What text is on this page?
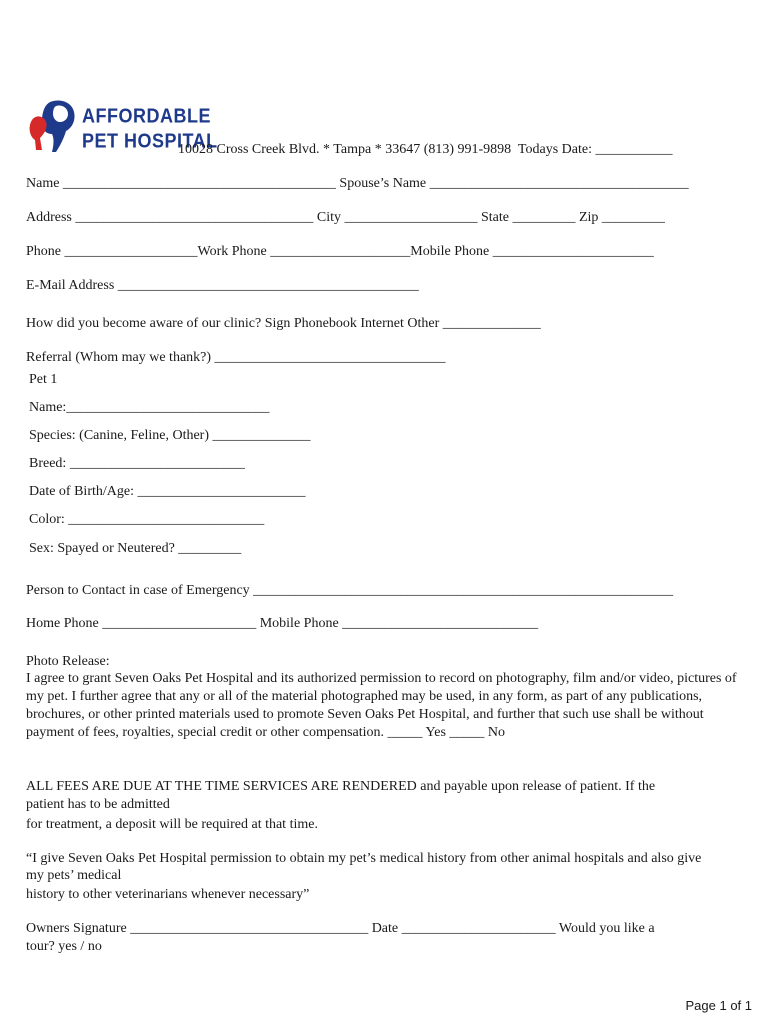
AFFORDABLE
PET HOSPITAL
10028 Cross Creek Blvd. * Tampa * 33647 (813) 991-9898  Todays Date: ___________
Name _______________________________________ Spouse’s Name _____________________________________
Address __________________________________ City ___________________ State _________ Zip _________
Phone ___________________Work Phone ____________________Mobile Phone _______________________
E-Mail Address ___________________________________________
How did you become aware of our clinic? Sign Phonebook Internet Other ______________
Referral (Whom may we thank?) _________________________________
Pet 1
Name:_____________________________
Species: (Canine, Feline, Other) ______________
Breed: _________________________
Date of Birth/Age: ________________________
Color: ____________________________
Sex: Spayed or Neutered? _________
Person to Contact in case of Emergency ____________________________________________________________
Home Phone ______________________ Mobile Phone ____________________________
Photo Release:
I agree to grant Seven Oaks Pet Hospital and its authorized permission to record on photography, film and/or video, pictures of my pet. I further agree that any or all of the material photographed may be used, in any form, as part of any publications, brochures, or other printed materials used to promote Seven Oaks Pet Hospital, and further that such use shall be without payment of fees, royalties, special credit or other compensation. _____ Yes _____ No
ALL FEES ARE DUE AT THE TIME SERVICES ARE RENDERED and payable upon release of patient. If the
patient has to be admitted
for treatment, a deposit will be required at that time.
“I give Seven Oaks Pet Hospital permission to obtain my pet’s medical history from other animal hospitals and also give
my pets’ medical
history to other veterinarians whenever necessary”
Owners Signature __________________________________ Date ______________________ Would you like a
tour? yes / no
Page 1 of 1
